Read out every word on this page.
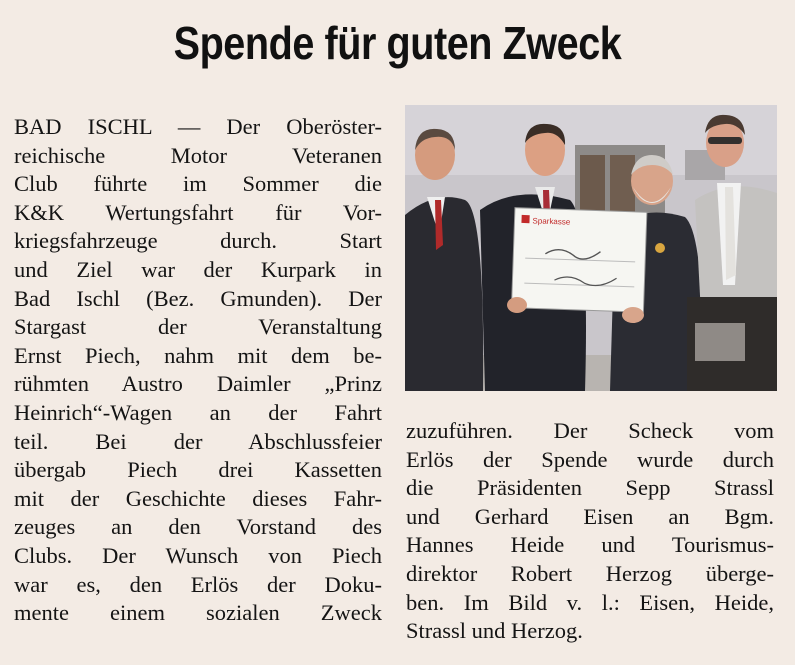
Spende für guten Zweck
BAD ISCHL — Der Oberöster-
reichische Motor Veteranen
Club führte im Sommer die
K&K Wertungsfahrt für Vor-
kriegsfahrzeuge durch. Start
und Ziel war der Kurpark in
Bad Ischl (Bez. Gmunden). Der
Stargast der Veranstaltung
Ernst Piech, nahm mit dem be-
rühmten Austro Daimler „Prinz
Heinrich“-Wagen an der Fahrt
teil. Bei der Abschlussfeier
übergab Piech drei Kassetten
mit der Geschichte dieses Fahr-
zeuges an den Vorstand des
Clubs. Der Wunsch von Piech
war es, den Erlös der Doku-
mente einem sozialen Zweck
Sparkasse
zuzuführen. Der Scheck vom
Erlös der Spende wurde durch
die Präsidenten Sepp Strassl
und Gerhard Eisen an Bgm.
Hannes Heide und Tourismus-
direktor Robert Herzog überge-
ben. Im Bild v. l.: Eisen, Heide,
Strassl und Herzog.
